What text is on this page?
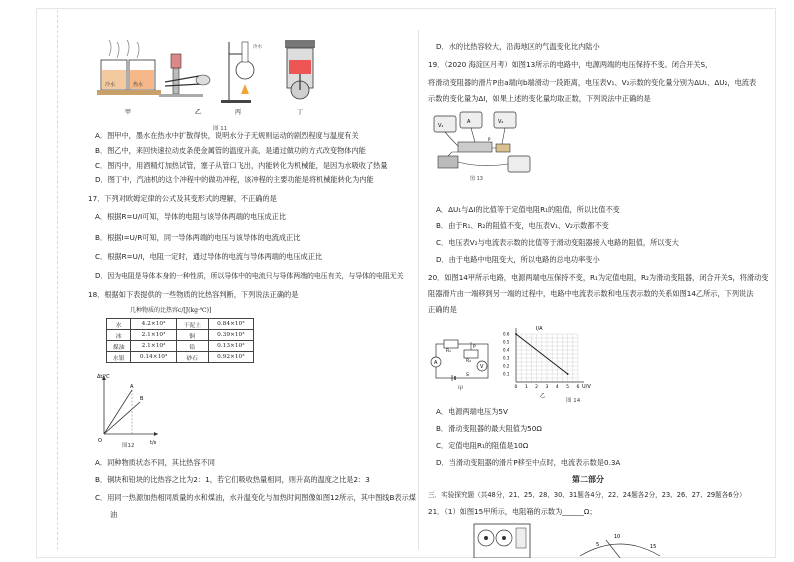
冷水	热水
甲	乙
冷水
丙	丁
图 11
A．图甲中，墨水在热水中扩散得快，说明水分子无规则运动的剧烈程度与温度有关
B．图乙中，来回快速拉动皮条使金属管的温度升高，是通过做功的方式改变物体内能
C．图丙中，用酒精灯加热试管，塞子从管口飞出，内能转化为机械能，是因为水吸收了热量
D．图丁中，汽油机的这个冲程中的做功冲程，该冲程的主要功能是将机械能转化为内能
17．下列对欧姆定律的公式及其变形式的理解，不正确的是
A．根据R=U/I可知，导体的电阻与该导体两端的电压成正比
B．根据I=U/R可知，同一导体两端的电压与该导体的电流成正比
C．根据R=U/I，电阻一定时，通过导体的电流与导体两端的电压成正比
D．因为电阻是导体本身的一种性质，所以导体中的电流只与导体两端的电压有关，与导体的电阻无关
18．根据如下表提供的一些物质的比热容判断，下列说法正确的是
几种物质的比热容c/[J(kg·℃)]
水	4.2×10³	干泥土	0.84×10³
冰	2.1×10³	铜	0.39×10³
煤油	2.1×10³	铅	0.13×10³
水银	0.14×10³	砂石	0.92×10³
Δt/℃
t/s
O
A
B
图12
A．同种物质状态不同，其比热容不同
B．铜块和铅块的比热容之比为2：1，若它们吸收热量相同，则升高的温度之比是2：3
C．用同一热源加热相同质量的水和煤油，水升温变化与加热时间图像如图12所示，其中图线B表示煤
油
D．水的比热容较大，沿海地区的气温变化比内陆小
19．（2020 海淀区月考）如图13所示的电路中，电源两端的电压保持不变。闭合开关S，
将滑动变阻器的滑片P由a端向b端滑动一段距离，电压表V₁、V₂示数的变化量分别为ΔU₁、ΔU₂，电流表
示数的变化量为ΔI，如果上述的变化量均取正数，下列说法中正确的是
V₁
A	V₂
P
图 13
A．ΔU₁与ΔI的比值等于定值电阻R₁的阻值，所以比值不变
B．由于R₁、R₂的阻值不变，电压表V₁、V₂示数都不变
C．电压表V₂与电流表示数的比值等于滑动变阻器接入电路的阻值，所以变大
D．由于电路中电阻变大，所以电路的总电功率变小
20．如图14甲所示电路，电源两端电压保持不变，R₁为定值电阻，R₂为滑动变阻器，闭合开关S，将滑动变
阻器滑片由一端移到另一端的过程中，电路中电流表示数和电压表示数的关系如图14乙所示，下列说法
正确的是
A
V
R₁
R₂
P
S
甲
I/A
U/V
乙
0 1 2 3 4 5 6
0.1
0.2
0.3
0.4
0.5
0.6
图 14
A．电源两端电压为5V
B．滑动变阻器的最大阻值为50Ω
C．定值电阻R₁的阻值是10Ω
D．当滑动变阻器的滑片P移至中点时，电流表示数是0.3A
第二部分
三．实验探究题（共48分，21、25、28、30、31题各4分，22、24题各2分，23、26、27、29题各6分）
21．（1）如图15甲所示，电阻箱的示数为______Ω；
5
10
15
